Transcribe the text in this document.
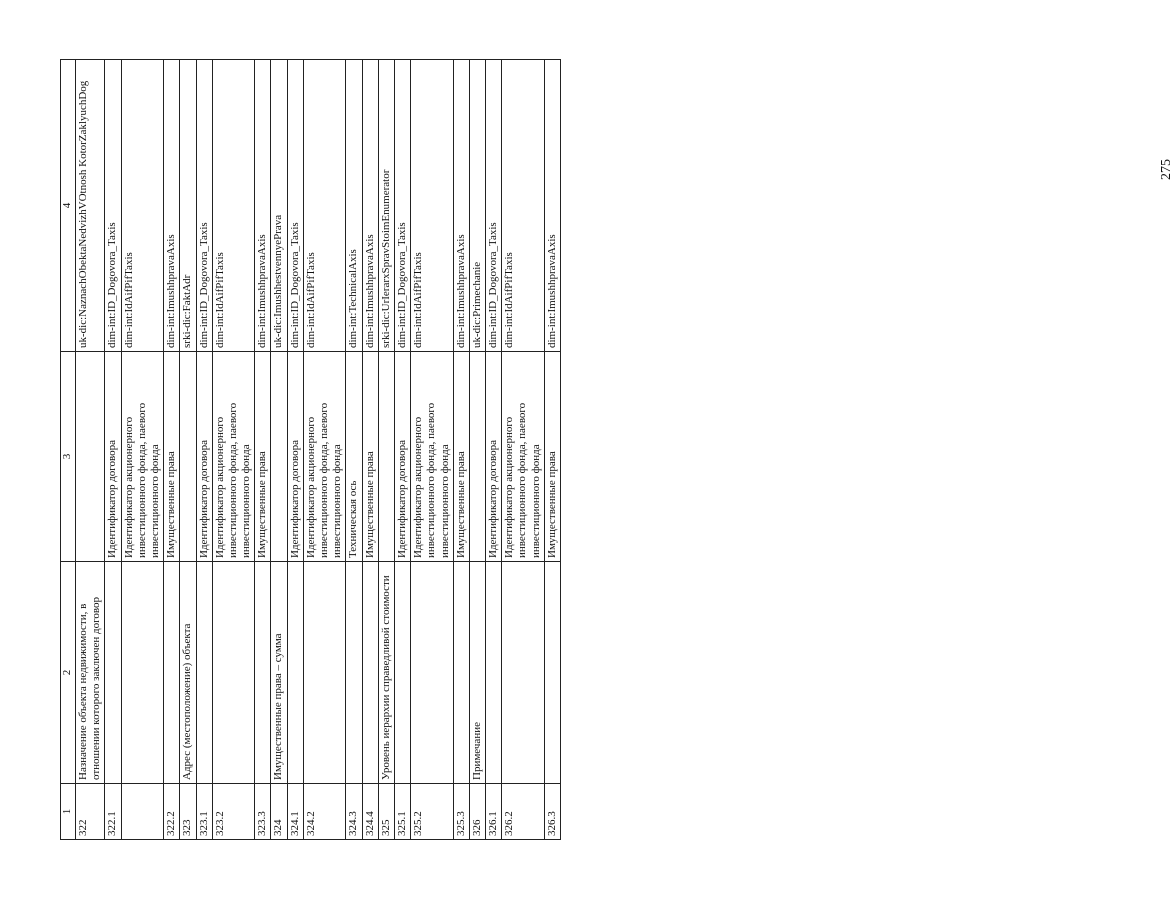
275
1	2	3	4
322	Назначение объекта недвижимости, в отношении которого заключен договор		uk-dic:NaznachObektaNedvizhVOtnosh KotorZaklyuchDog
322.1		Идентификатор договора	dim-int:ID_Dogovora_Taxis
		Идентификатор акционерного инвестиционного фонда, паевого инвестиционного фонда	dim-int:IdAifPifTaxis
322.2		Имущественные права	dim-int:ImushhpravaAxis
323	Адрес (местоположение) объекта		srki-dic:FaktAdr
323.1		Идентификатор договора	dim-int:ID_Dogovora_Taxis
323.2		Идентификатор акционерного инвестиционного фонда, паевого инвестиционного фонда	dim-int:IdAifPifTaxis
323.3		Имущественные права	dim-int:ImushhpravaAxis
324	Имущественные права – сумма		uk-dic:ImushhestvennyePrava
324.1		Идентификатор договора	dim-int:ID_Dogovora_Taxis
324.2		Идентификатор акционерного инвестиционного фонда, паевого инвестиционного фонда	dim-int:IdAifPifTaxis
324.3		Техническая ось	dim-int:TechnicalAxis
324.4		Имущественные права	dim-int:ImushhpravaAxis
325	Уровень иерархии справедливой стоимости		srki-dic:UrIerarxSpravStoimEnumerator
325.1		Идентификатор договора	dim-int:ID_Dogovora_Taxis
325.2		Идентификатор акционерного инвестиционного фонда, паевого инвестиционного фонда	dim-int:IdAifPifTaxis
325.3		Имущественные права	dim-int:ImushhpravaAxis
326	Примечание		uk-dic:Primechanie
326.1		Идентификатор договора	dim-int:ID_Dogovora_Taxis
326.2		Идентификатор акционерного инвестиционного фонда, паевого инвестиционного фонда	dim-int:IdAifPifTaxis
326.3		Имущественные права	dim-int:ImushhpravaAxis
